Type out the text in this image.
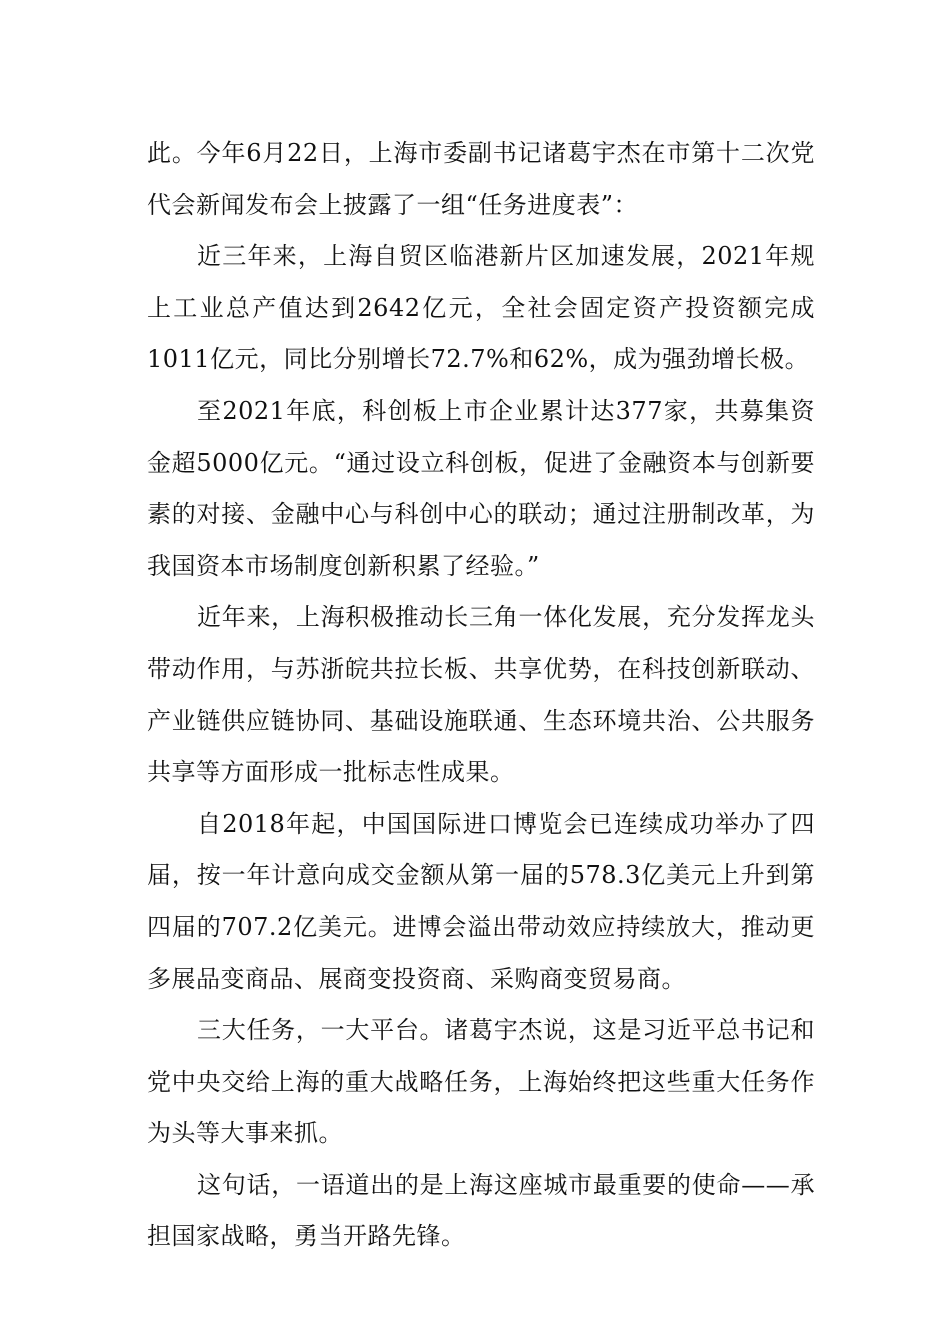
此。今年6月22日，上海市委副书记诸葛宇杰在市第十二次党代会新闻发布会上披露了一组“任务进度表”：

近三年来，上海自贸区临港新片区加速发展，2021年规上工业总产值达到2642亿元，全社会固定资产投资额完成1011亿元，同比分别增长72.7%和62%，成为强劲增长极。

至2021年底，科创板上市企业累计达377家，共募集资金超5000亿元。“通过设立科创板，促进了金融资本与创新要素的对接、金融中心与科创中心的联动；通过注册制改革，为我国资本市场制度创新积累了经验。”

近年来，上海积极推动长三角一体化发展，充分发挥龙头带动作用，与苏浙皖共拉长板、共享优势，在科技创新联动、产业链供应链协同、基础设施联通、生态环境共治、公共服务共享等方面形成一批标志性成果。

自2018年起，中国国际进口博览会已连续成功举办了四届，按一年计意向成交金额从第一届的578.3亿美元上升到第四届的707.2亿美元。进博会溢出带动效应持续放大，推动更多展品变商品、展商变投资商、采购商变贸易商。

三大任务，一大平台。诸葛宇杰说，这是习近平总书记和党中央交给上海的重大战略任务，上海始终把这些重大任务作为头等大事来抓。

这句话，一语道出的是上海这座城市最重要的使命——承担国家战略，勇当开路先锋。
